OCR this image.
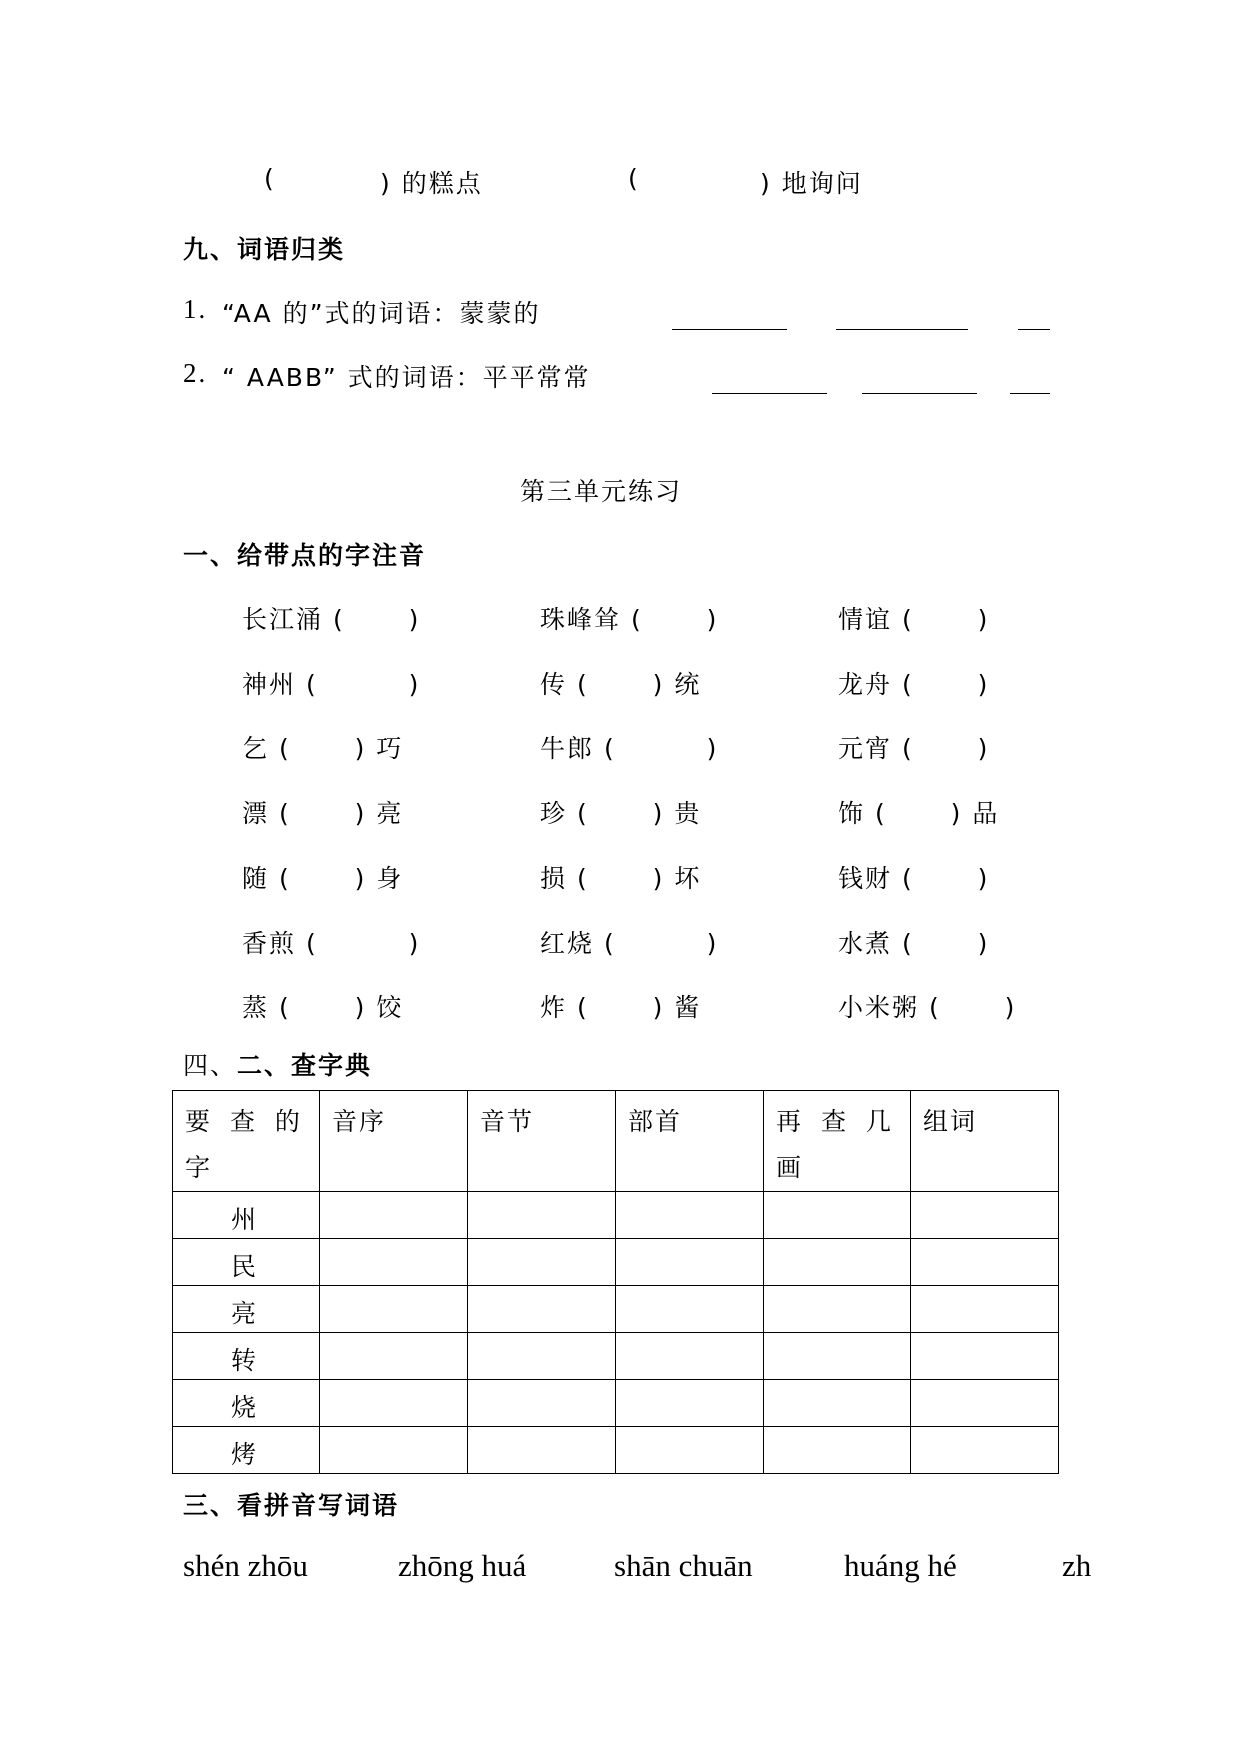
(	) 的糕点	(	) 地询问
九、词语归类
1. “AA 的”式的词语：蒙蒙的
2. “ AABB” 式的词语：平平常常
第三单元练习
一、给带点的字注音
长江涌 (　　 )	珠峰耸 (　　 )	情谊 (　　 )
神州 (　　　 )	传 (　　 ) 统	龙舟 (　　 )
乞 (　　 ) 巧	牛郎 (　　　 )	元宵 (　　 )
漂 (　　 ) 亮	珍 (　　 ) 贵	饰 (　　 ) 品
随 (　　 ) 身	损 (　　 ) 坏	钱财 (　　 )
香煎 (　　　 )	红烧 (　　　 )	水煮 (　　 )
蒸 (　　 ) 饺	炸 (　　 ) 酱	小米粥 (　　 )
四、二、查字典
要 查 的 字	音序	音节	部首	再 查 几 画	组词
州					
民					
亮					
转					
烧					
烤					
三、看拼音写词语
shén zhōu	zhōng huá	shān chuān	huáng hé	zh
